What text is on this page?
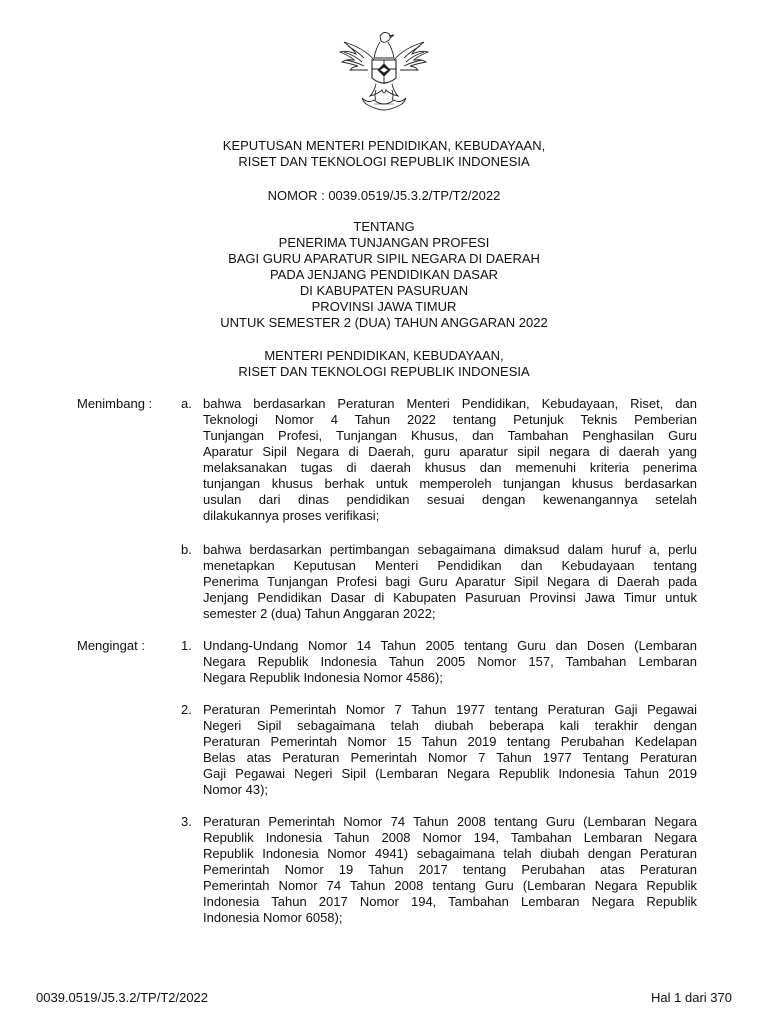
KEPUTUSAN MENTERI PENDIDIKAN, KEBUDAYAAN,
RISET DAN TEKNOLOGI REPUBLIK INDONESIA
NOMOR : 0039.0519/J5.3.2/TP/T2/2022
TENTANG
PENERIMA TUNJANGAN PROFESI
BAGI GURU APARATUR SIPIL NEGARA DI DAERAH
PADA JENJANG PENDIDIKAN DASAR
DI KABUPATEN PASURUAN
PROVINSI JAWA TIMUR
UNTUK SEMESTER 2 (DUA) TAHUN ANGGARAN 2022
MENTERI PENDIDIKAN, KEBUDAYAAN,
RISET DAN TEKNOLOGI REPUBLIK INDONESIA
Menimbang : a. bahwa berdasarkan Peraturan Menteri Pendidikan, Kebudayaan, Riset, dan
Teknologi Nomor 4 Tahun 2022 tentang Petunjuk Teknis Pemberian
Tunjangan Profesi, Tunjangan Khusus, dan Tambahan Penghasilan Guru
Aparatur Sipil Negara di Daerah, guru aparatur sipil negara di daerah yang
melaksanakan tugas di daerah khusus dan memenuhi kriteria penerima
tunjangan khusus berhak untuk memperoleh tunjangan khusus berdasarkan
usulan dari dinas pendidikan sesuai dengan kewenangannya setelah
dilakukannya proses verifikasi;
b. bahwa berdasarkan pertimbangan sebagaimana dimaksud dalam huruf a, perlu
menetapkan Keputusan Menteri Pendidikan dan Kebudayaan tentang
Penerima Tunjangan Profesi bagi Guru Aparatur Sipil Negara di Daerah pada
Jenjang Pendidikan Dasar di Kabupaten Pasuruan Provinsi Jawa Timur untuk
semester 2 (dua) Tahun Anggaran 2022;
Mengingat :	1. Undang-Undang Nomor 14 Tahun 2005 tentang Guru dan Dosen (Lembaran
Negara Republik Indonesia Tahun 2005 Nomor 157, Tambahan Lembaran
Negara Republik Indonesia Nomor 4586);
2. Peraturan Pemerintah Nomor 7 Tahun 1977 tentang Peraturan Gaji Pegawai
Negeri Sipil sebagaimana telah diubah beberapa kali terakhir dengan
Peraturan Pemerintah Nomor 15 Tahun 2019 tentang Perubahan Kedelapan
Belas atas Peraturan Pemerintah Nomor 7 Tahun 1977 Tentang Peraturan
Gaji Pegawai Negeri Sipil (Lembaran Negara Republik Indonesia Tahun 2019
Nomor 43);
3. Peraturan Pemerintah Nomor 74 Tahun 2008 tentang Guru (Lembaran Negara
Republik Indonesia Tahun 2008 Nomor 194, Tambahan Lembaran Negara
Republik Indonesia Nomor 4941) sebagaimana telah diubah dengan Peraturan
Pemerintah Nomor 19 Tahun 2017 tentang Perubahan atas Peraturan
Pemerintah Nomor 74 Tahun 2008 tentang Guru (Lembaran Negara Republik
Indonesia Tahun 2017 Nomor 194, Tambahan Lembaran Negara Republik
Indonesia Nomor 6058);
0039.0519/J5.3.2/TP/T2/2022	Hal 1 dari 370
